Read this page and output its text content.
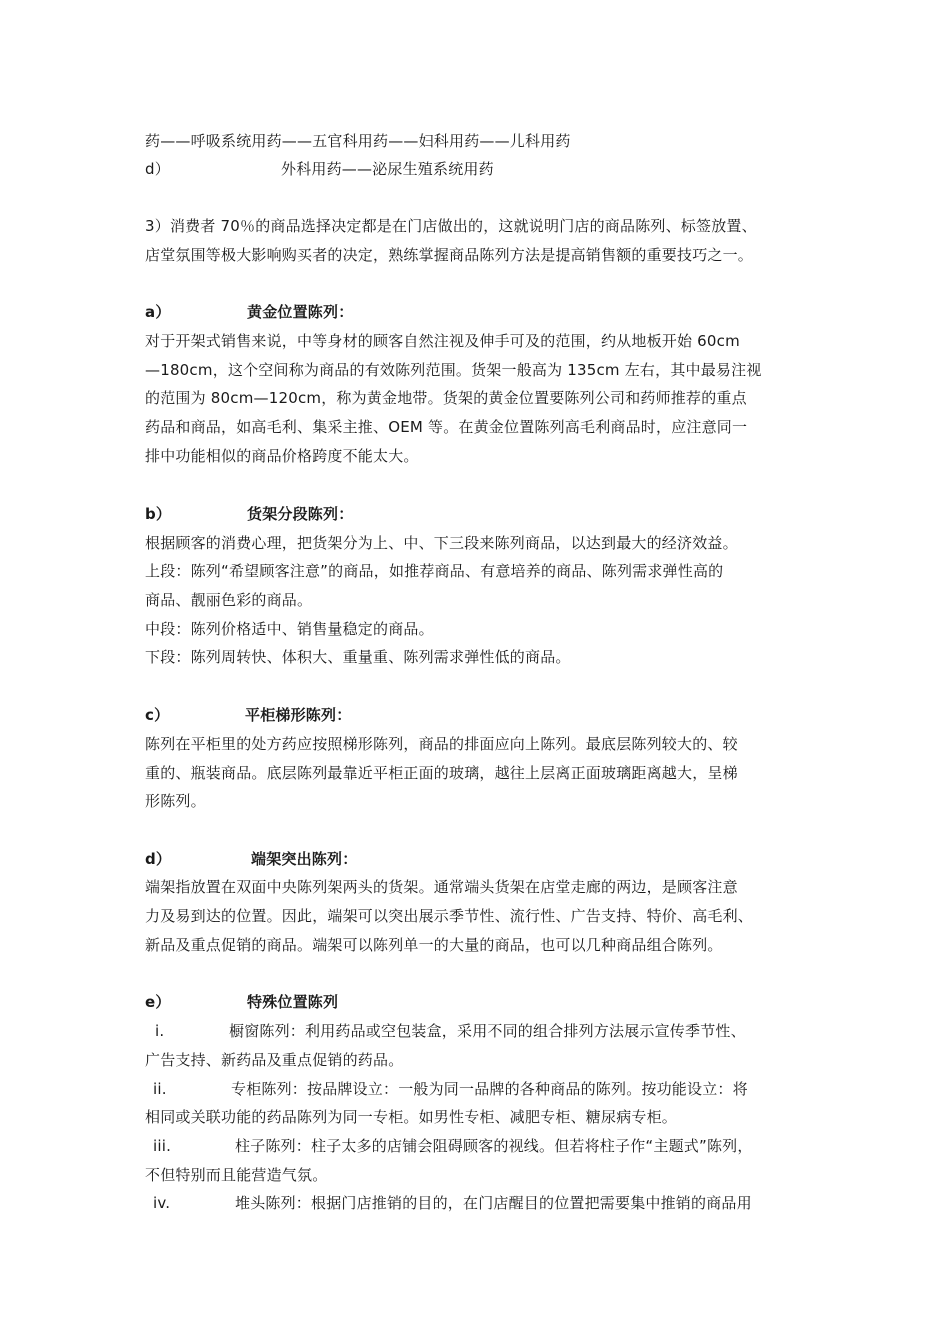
药——呼吸系统用药——五官科用药——妇科用药——儿科用药
d）	外科用药——泌尿生殖系统用药
3）消费者 70％的商品选择决定都是在门店做出的，这就说明门店的商品陈列、标签放置、
店堂氛围等极大影响购买者的决定，熟练掌握商品陈列方法是提高销售额的重要技巧之一。
a）	黄金位置陈列：
对于开架式销售来说，中等身材的顾客自然注视及伸手可及的范围，约从地板开始 60cm
—180cm，这个空间称为商品的有效陈列范围。货架一般高为 135cm 左右，其中最易注视
的范围为 80cm—120cm，称为黄金地带。货架的黄金位置要陈列公司和药师推荐的重点
药品和商品，如高毛利、集采主推、OEM 等。在黄金位置陈列高毛利商品时，应注意同一
排中功能相似的商品价格跨度不能太大。
b）	货架分段陈列：
根据顾客的消费心理，把货架分为上、中、下三段来陈列商品，以达到最大的经济效益。
上段：陈列“希望顾客注意”的商品，如推荐商品、有意培养的商品、陈列需求弹性高的
商品、靓丽色彩的商品。
中段：陈列价格适中、销售量稳定的商品。
下段：陈列周转快、体积大、重量重、陈列需求弹性低的商品。
c）	平柜梯形陈列：
陈列在平柜里的处方药应按照梯形陈列，商品的排面应向上陈列。最底层陈列较大的、较
重的、瓶装商品。底层陈列最靠近平柜正面的玻璃，越往上层离正面玻璃距离越大，呈梯
形陈列。
d）	端架突出陈列：
端架指放置在双面中央陈列架两头的货架。通常端头货架在店堂走廊的两边，是顾客注意
力及易到达的位置。因此，端架可以突出展示季节性、流行性、广告支持、特价、高毛利、
新品及重点促销的商品。端架可以陈列单一的大量的商品，也可以几种商品组合陈列。
e）	特殊位置陈列
i.	橱窗陈列：利用药品或空包装盒，采用不同的组合排列方法展示宣传季节性、
广告支持、新药品及重点促销的药品。
ii.	专柜陈列：按品牌设立：一般为同一品牌的各种商品的陈列。按功能设立：将
相同或关联功能的药品陈列为同一专柜。如男性专柜、减肥专柜、糖尿病专柜。
iii.	柱子陈列：柱子太多的店铺会阻碍顾客的视线。但若将柱子作“主题式”陈列，
不但特别而且能营造气氛。
iv.	堆头陈列：根据门店推销的目的，在门店醒目的位置把需要集中推销的商品用
